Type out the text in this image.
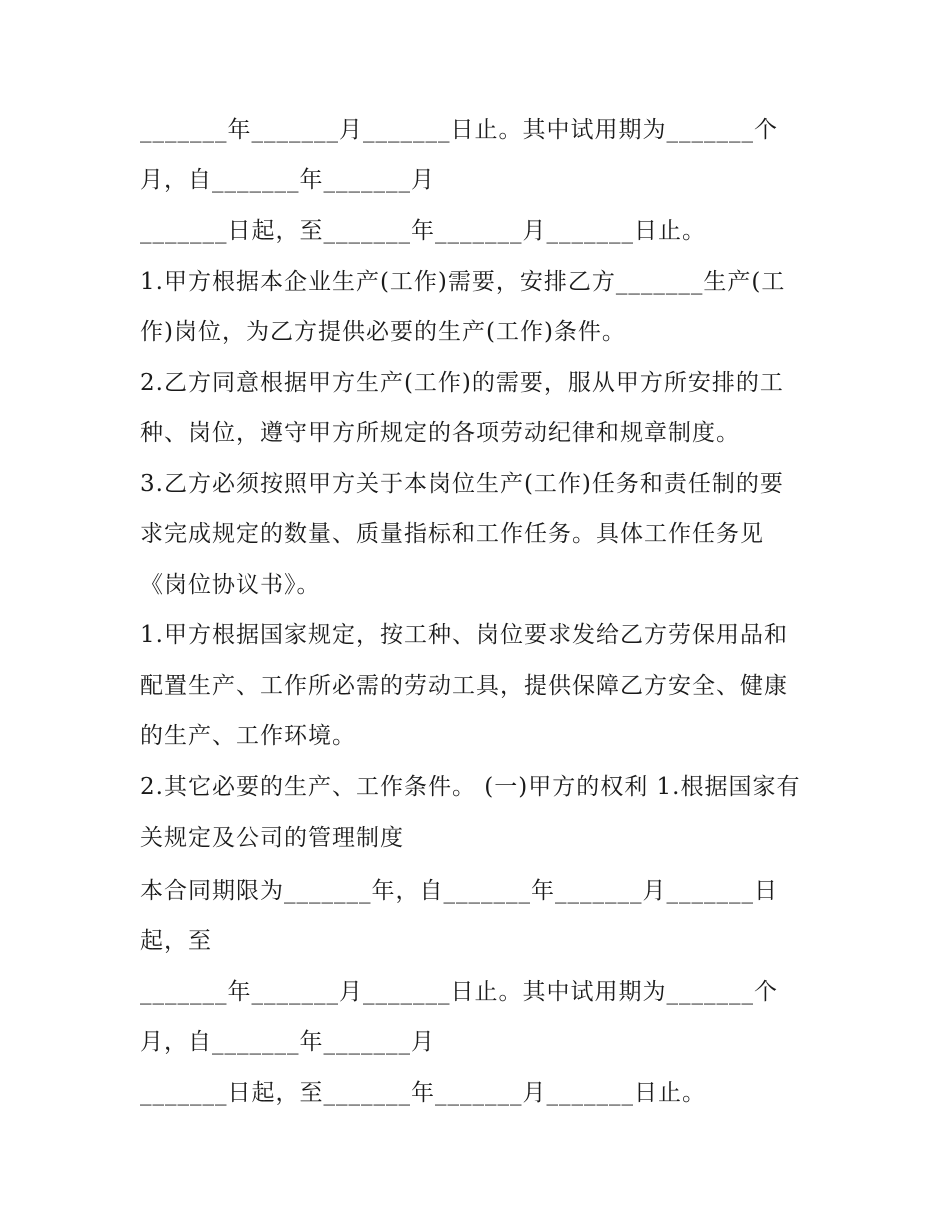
_______年_______月_______日止。其中试用期为_______个
月，自_______年_______月
_______日起，至_______年_______月_______日止。
1.甲方根据本企业生产(工作)需要，安排乙方_______生产(工
作)岗位，为乙方提供必要的生产(工作)条件。
2.乙方同意根据甲方生产(工作)的需要，服从甲方所安排的工
种、岗位，遵守甲方所规定的各项劳动纪律和规章制度。
3.乙方必须按照甲方关于本岗位生产(工作)任务和责任制的要
求完成规定的数量、质量指标和工作任务。具体工作任务见
《岗位协议书》。
1.甲方根据国家规定，按工种、岗位要求发给乙方劳保用品和
配置生产、工作所必需的劳动工具，提供保障乙方安全、健康
的生产、工作环境。
2.其它必要的生产、工作条件。 (一)甲方的权利 1.根据国家有
关规定及公司的管理制度
本合同期限为_______年，自_______年_______月_______日
起，至
_______年_______月_______日止。其中试用期为_______个
月，自_______年_______月
_______日起，至_______年_______月_______日止。
